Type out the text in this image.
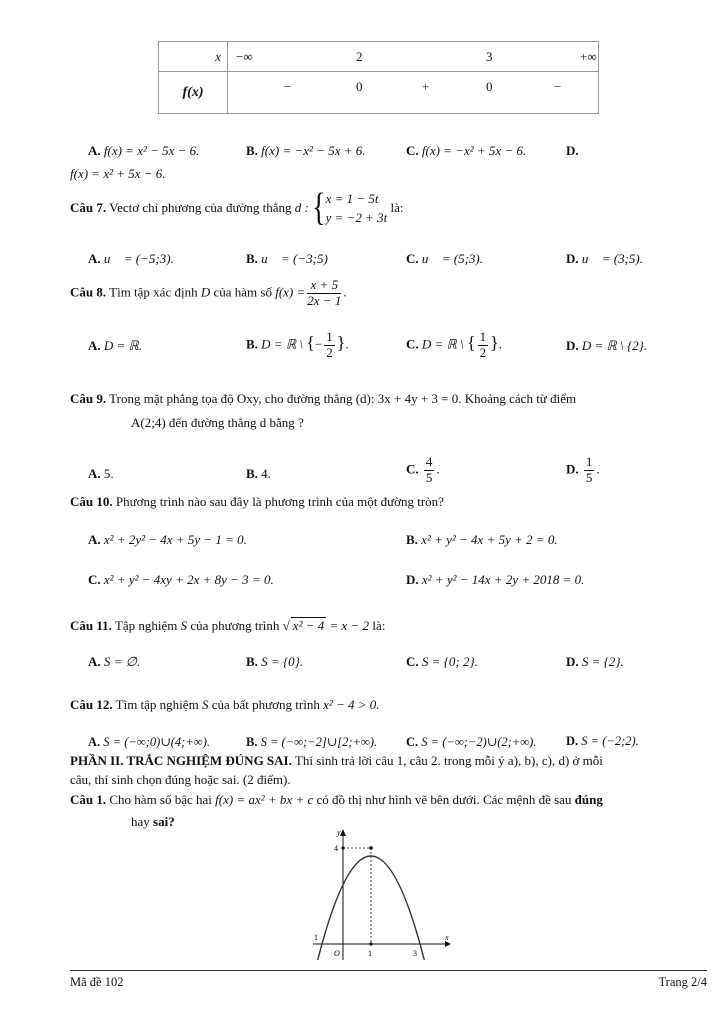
x	−∞ 2 3 +∞

f(x)	− 0 + 0 −
A. f(x) = x² − 5x − 6.	B. f(x) = −x² − 5x + 6.	C. f(x) = −x² + 5x − 6.	D.
f(x) = x² + 5x − 6.
Câu 7. Vectơ chỉ phương của đường thẳng d : { x = 1 − 5t
y = −2 + 3t
là:
A. u⃗ = (−5;3).	B. u⃗ = (−3;5)	C. u⃗ = (5;3).	D. u⃗ = (3;5).
Câu 8. Tìm tập xác định D của hàm số $f(x) = \frac{x + 5}{2x - 1}$ .
A. D = ℝ.	B. D = ℝ \ {− $\frac{1}{2}$ }.	C. D = ℝ \ { $\frac{1}{2}$ }.	D. D = ℝ \ {2}.
Câu 9. Trong mặt phẳng tọa độ Oxy, cho đường thẳng (d): 3x + 4y + 3 = 0. Khoảng cách từ điểm
A(2;4) đến đường thẳng d bằng ?
A. 5.	B. 4.	C. $\frac{4}{5}$ .	D. $\frac{1}{5}$ .
Câu 10. Phương trình nào sau đây là phương trình của một đường tròn?
A. x² + 2y² − 4x + 5y − 1 = 0.	B. x² + y² − 4x + 5y + 2 = 0.
C. x² + y² − 4xy + 2x + 8y − 3 = 0.	D. x² + y² − 14x + 2y + 2018 = 0.
Câu 11. Tập nghiệm S của phương trình √ x² − 4 = x − 2 là:
A. S = ∅.	B. S = {0}.	C. S = {0; 2}.	D. S = {2}.
Câu 12. Tìm tập nghiệm S của bất phương trình x² − 4 > 0.
A. S = (−∞;0)∪(4;+∞).	B. S = (−∞;−2]∪[2;+∞). C. S = (−∞;−2)∪(2;+∞). D. S = (−2;2).
PHẦN II. TRẮC NGHIỆM ĐÚNG SAI. Thí sinh trả lời câu 1, câu 2. trong mỗi ý a), b), c), d) ở mỗi
câu, thí sinh chọn đúng hoặc sai. (2 điểm).
Câu 1. Cho hàm số bậc hai f(x) = ax² + bx + c có đồ thị như hình vẽ bên dưới. Các mệnh đề sau đúng
hay sai?
y
x
4
O	1	3
1
Mã đề 102	Trang 2/4
